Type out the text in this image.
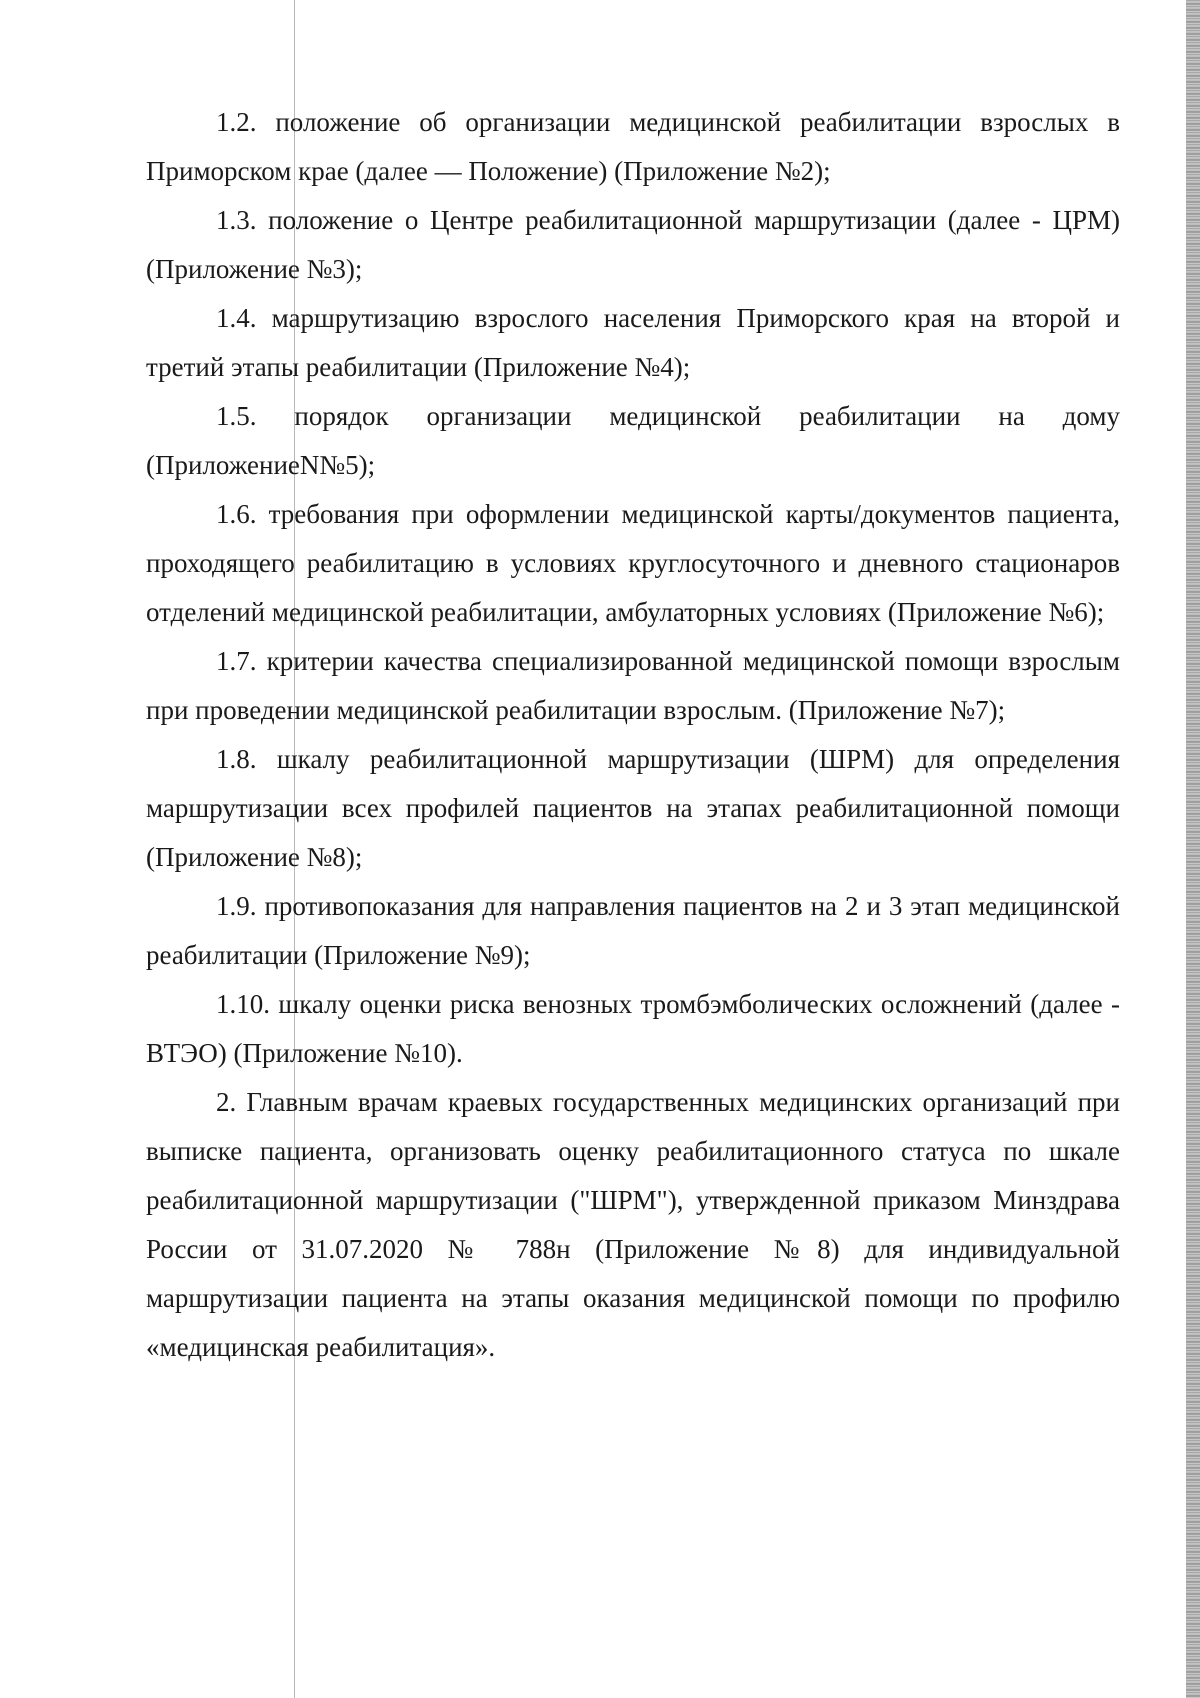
1.2. положение об организации медицинской реабилитации взрослых в Приморском крае (далее — Положение) (Приложение №2);

1.3. положение о Центре реабилитационной маршрутизации (далее - ЦРМ) (Приложение №3);

1.4. маршрутизацию взрослого населения Приморского края на второй и третий этапы реабилитации (Приложение №4);

1.5. порядок организации медицинской реабилитации на дому (ПриложениеN№5);

1.6. требования при оформлении медицинской карты/документов пациента, проходящего реабилитацию в условиях круглосуточного и дневного стационаров отделений медицинской реабилитации, амбулаторных условиях (Приложение №6);

1.7. критерии качества специализированной медицинской помощи взрослым при проведении медицинской реабилитации взрослым. (Приложение №7);

1.8. шкалу реабилитационной маршрутизации (ШРМ) для определения маршрутизации всех профилей пациентов на этапах реабилитационной помощи (Приложение №8);

1.9. противопоказания для направления пациентов на 2 и 3 этап медицинской реабилитации (Приложение №9);

1.10. шкалу оценки риска венозных тромбэмболических осложнений (далее - ВТЭО) (Приложение №10).

2. Главным врачам краевых государственных медицинских организаций при выписке пациента, организовать оценку реабилитационного статуса по шкале реабилитационной маршрутизации ("ШРМ"), утвержденной приказом Минздрава России от 31.07.2020 № 788н (Приложение №8) для индивидуальной маршрутизации пациента на этапы оказания медицинской помощи по профилю «медицинская реабилитация».
